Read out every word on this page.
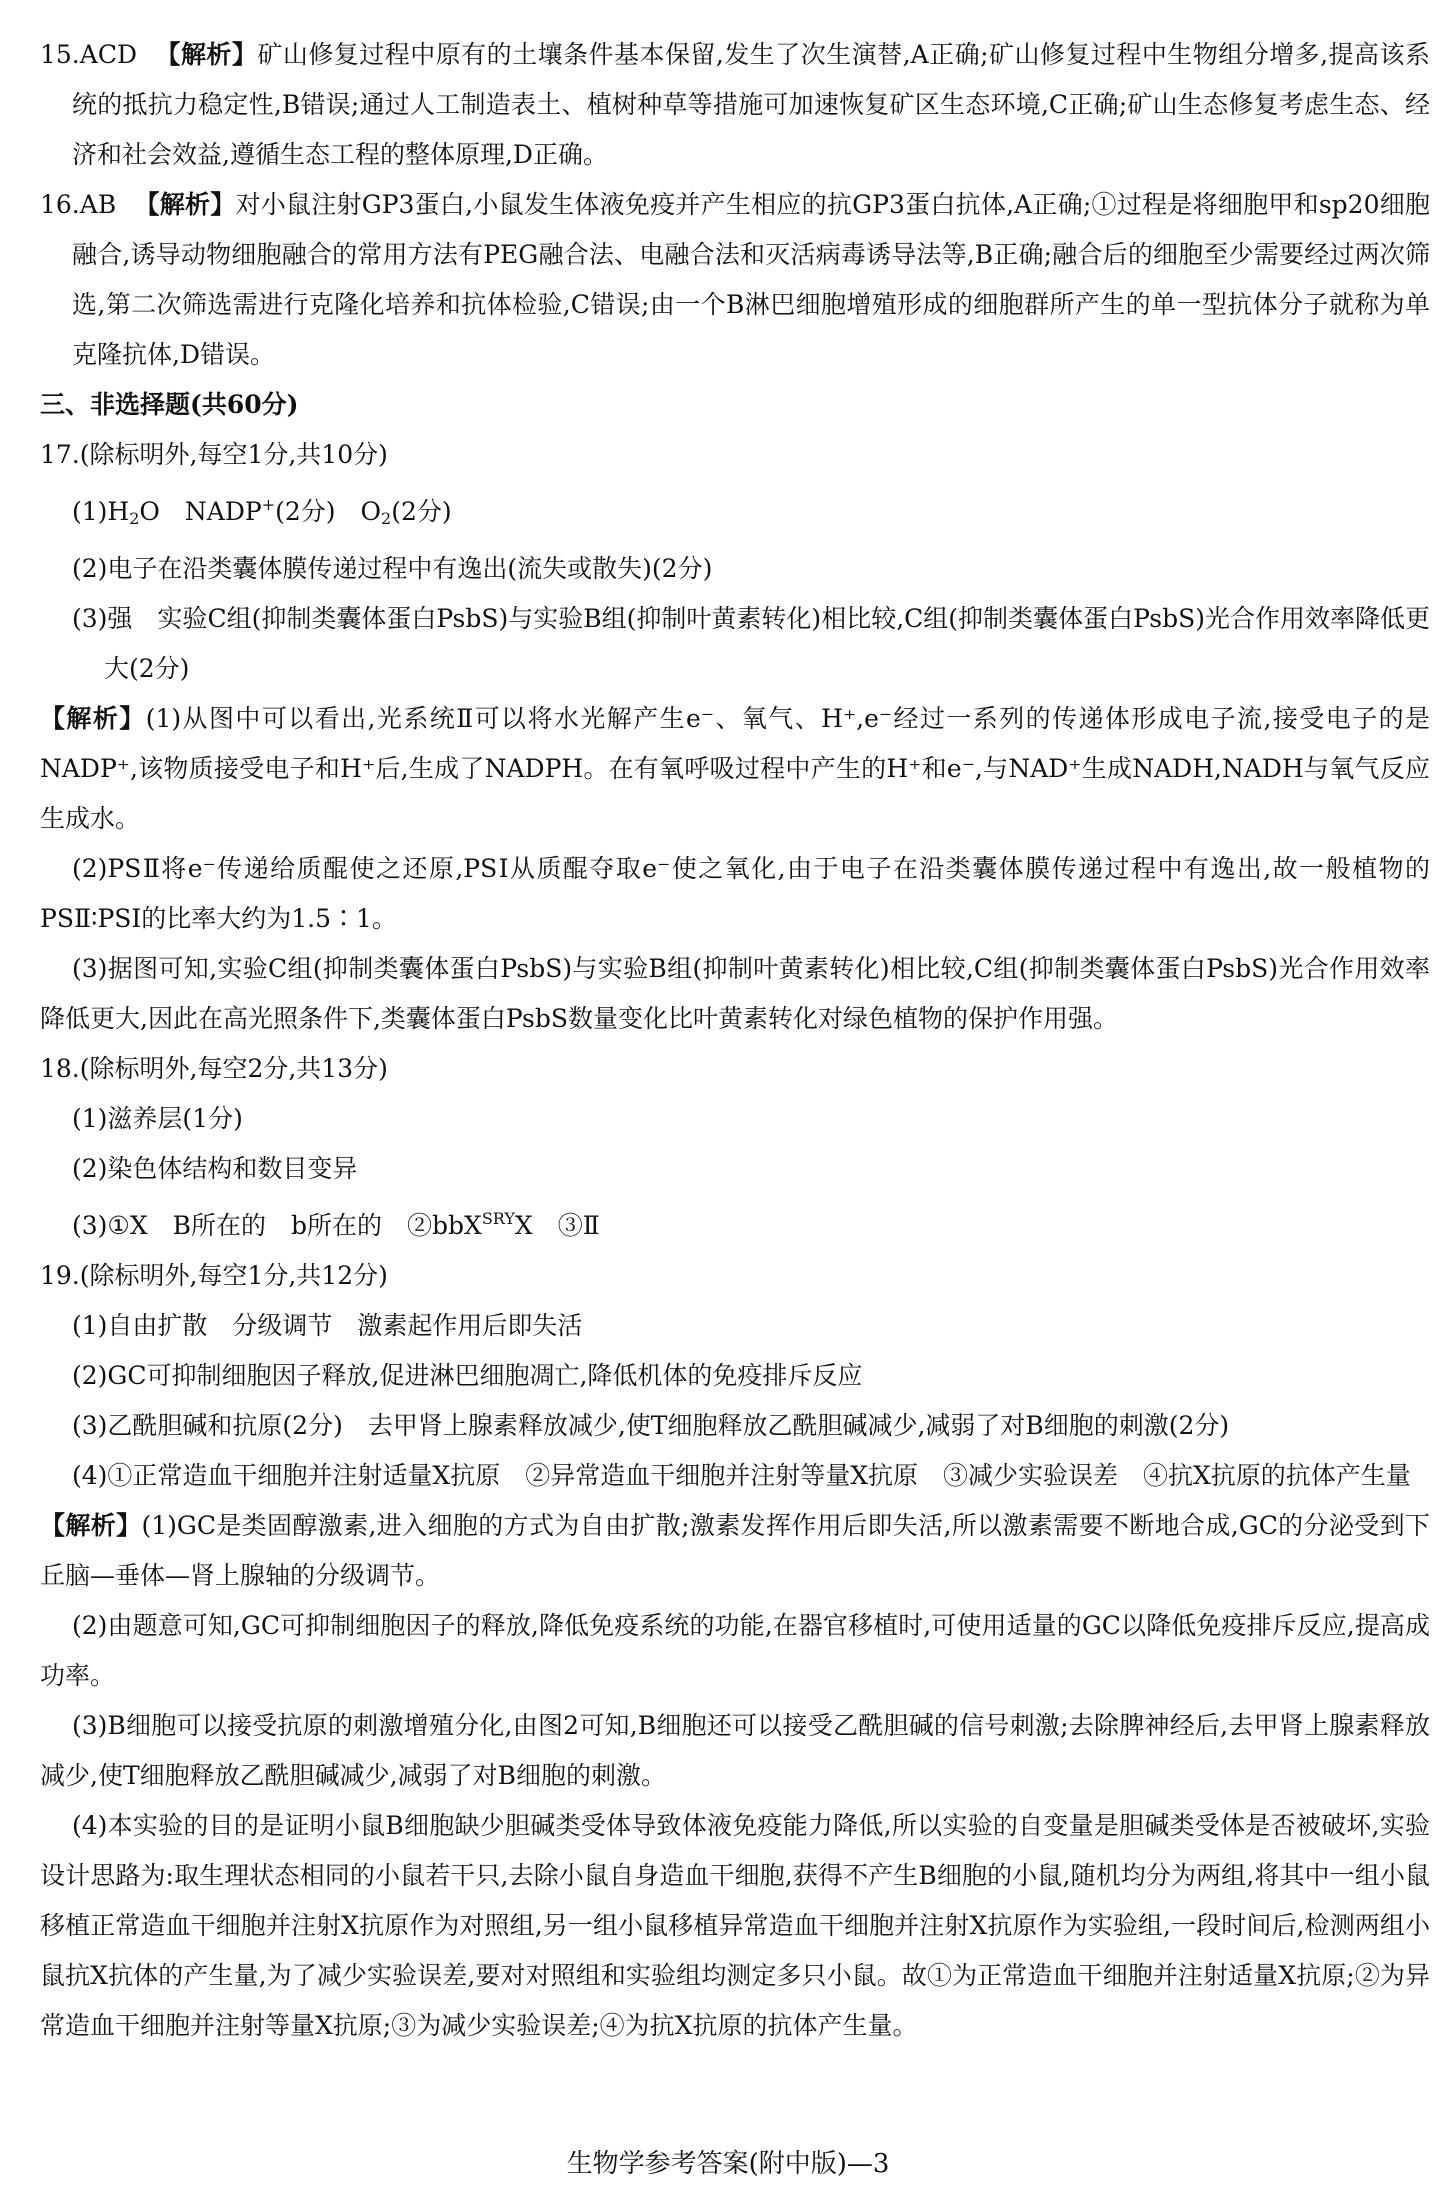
15.ACD 【解析】矿山修复过程中原有的土壤条件基本保留,发生了次生演替,A正确;矿山修复过程中生物组分增多,提高该系统的抵抗力稳定性,B错误;通过人工制造表土、植树种草等措施可加速恢复矿区生态环境,C正确;矿山生态修复考虑生态、经济和社会效益,遵循生态工程的整体原理,D正确。

16.AB 【解析】对小鼠注射GP3蛋白,小鼠发生体液免疫并产生相应的抗GP3蛋白抗体,A正确;①过程是将细胞甲和sp20细胞融合,诱导动物细胞融合的常用方法有PEG融合法、电融合法和灭活病毒诱导法等,B正确;融合后的细胞至少需要经过两次筛选,第二次筛选需进行克隆化培养和抗体检验,C错误;由一个B淋巴细胞增殖形成的细胞群所产生的单一型抗体分子就称为单克隆抗体,D错误。

三、非选择题(共60分)

17.(除标明外,每空1分,共10分)

$(1)H_2O$　NADP+(2分)　$O_2(2$分)

(2)电子在沿类囊体膜传递过程中有逸出(流失或散失)(2分)

(3)强　实验C组(抑制类囊体蛋白PsbS)与实验B组(抑制叶黄素转化)相比较,C组(抑制类囊体蛋白PsbS)光合作用效率降低更大(2分)

【解析】(1)从图中可以看出,光系统Ⅱ可以将水光解产生e⁻、氧气、H⁺,e⁻经过一系列的传递体形成电子流,接受电子的是NADP⁺,该物质接受电子和H⁺后,生成了NADPH。在有氧呼吸过程中产生的H⁺和e⁻,与NAD⁺生成NADH,NADH与氧气反应生成水。

(2)PSⅡ将e⁻传递给质醌使之还原,PSⅠ从质醌夺取e⁻使之氧化,由于电子在沿类囊体膜传递过程中有逸出,故一般植物的PSⅡ∶PSⅠ的比率大约为1.5∶1。

(3)据图可知,实验C组(抑制类囊体蛋白PsbS)与实验B组(抑制叶黄素转化)相比较,C组(抑制类囊体蛋白PsbS)光合作用效率降低更大,因此在高光照条件下,类囊体蛋白PsbS数量变化比叶黄素转化对绿色植物的保护作用强。

18.(除标明外,每空2分,共13分)

(1)滋养层(1分)

(2)染色体结构和数目变异

(3)①X　B所在的　b所在的　②bbX$^{SRY}$X　③Ⅱ

19.(除标明外,每空1分,共12分)

(1)自由扩散　分级调节　激素起作用后即失活

(2)GC可抑制细胞因子释放,促进淋巴细胞凋亡,降低机体的免疫排斥反应

(3)乙酰胆碱和抗原(2分)　去甲肾上腺素释放减少,使T细胞释放乙酰胆碱减少,减弱了对B细胞的刺激(2分)

(4)①正常造血干细胞并注射适量X抗原　②异常造血干细胞并注射等量X抗原　③减少实验误差　④抗X抗原的抗体产生量

【解析】(1)GC是类固醇激素,进入细胞的方式为自由扩散;激素发挥作用后即失活,所以激素需要不断地合成,GC的分泌受到下丘脑—垂体—肾上腺轴的分级调节。

(2)由题意可知,GC可抑制细胞因子的释放,降低免疫系统的功能,在器官移植时,可使用适量的GC以降低免疫排斥反应,提高成功率。

(3)B细胞可以接受抗原的刺激增殖分化,由图2可知,B细胞还可以接受乙酰胆碱的信号刺激;去除脾神经后,去甲肾上腺素释放减少,使T细胞释放乙酰胆碱减少,减弱了对B细胞的刺激。

(4)本实验的目的是证明小鼠B细胞缺少胆碱类受体导致体液免疫能力降低,所以实验的自变量是胆碱类受体是否被破坏,实验设计思路为:取生理状态相同的小鼠若干只,去除小鼠自身造血干细胞,获得不产生B细胞的小鼠,随机均分为两组,将其中一组小鼠移植正常造血干细胞并注射X抗原作为对照组,另一组小鼠移植异常造血干细胞并注射X抗原作为实验组,一段时间后,检测两组小鼠抗X抗体的产生量,为了减少实验误差,要对对照组和实验组均测定多只小鼠。故①为正常造血干细胞并注射适量X抗原;②为异常造血干细胞并注射等量X抗原;③为减少实验误差;④为抗X抗原的抗体产生量。

生物学参考答案(附中版)—3
